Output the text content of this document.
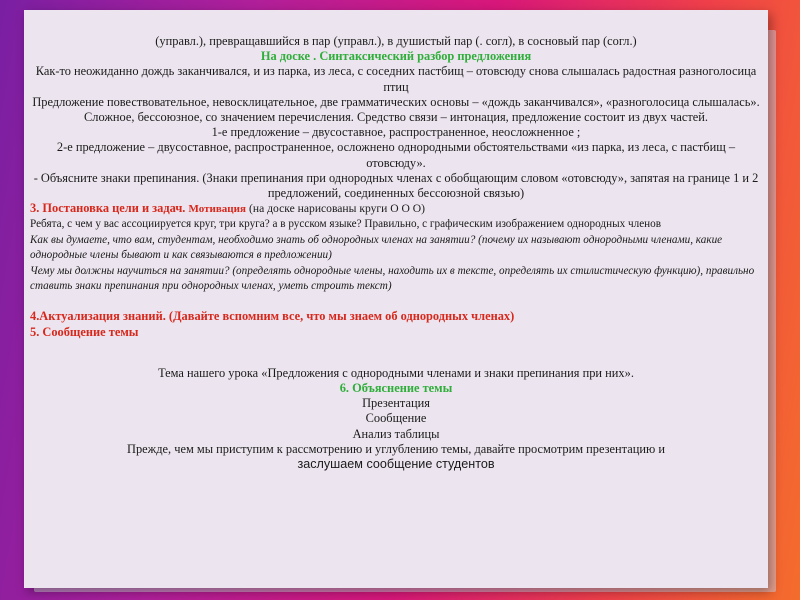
(управл.), превращавшийся в пар (управл.), в душистый пар (. согл), в сосновый пар (согл.)
На доске . Синтаксический разбор предложения
Как-то неожиданно дождь заканчивался, и из парка, из леса, с соседних пастбищ – отовсюду снова слышалась радостная разноголосица птиц
Предложение повествовательное, невосклицательное, две грамматических основы – «дождь заканчивался», «разноголосица слышалась». Сложное, бессоюзное, со значением перечисления. Средство связи – интонация, предложение состоит из двух частей.
1-е предложение – двусоставное, распространенное, неосложненное ;
2-е предложение – двусоставное, распространенное, осложнено однородными обстоятельствами «из парка, из леса, с пастбищ – отовсюду».
- Объясните знаки препинания. (Знаки препинания при однородных членах с обобщающим словом «отовсюду», запятая на границе 1 и 2 предложений, соединенных бессоюзной связью)
3. Постановка цели и задач. Мотивация (на доске нарисованы круги О О О)
Ребята, с чем у вас ассоциируется круг, три круга? а в русском языке? Правильно, с графическим изображением однородных членов
Как вы думаете, что вам, студентам, необходимо знать об однородных членах на занятии? (почему их называют однородными членами, какие однородные члены бывают и как связываются в предложении)
Чему мы должны научиться на занятии? (определять однородные члены, находить их в тексте, определять их стилистическую функцию), правильно ставить знаки препинания при однородных членах, уметь строить текст)
4.Актуализация знаний. (Давайте вспомним все, что мы знаем об однородных членах)
5. Сообщение темы
Тема нашего урока «Предложения с однородными членами и знаки препинания при них».
6. Объяснение темы
Презентация
Сообщение
Анализ таблицы
Прежде, чем мы приступим к рассмотрению и углублению темы, давайте просмотрим презентацию и
заслушаем сообщение студентов
